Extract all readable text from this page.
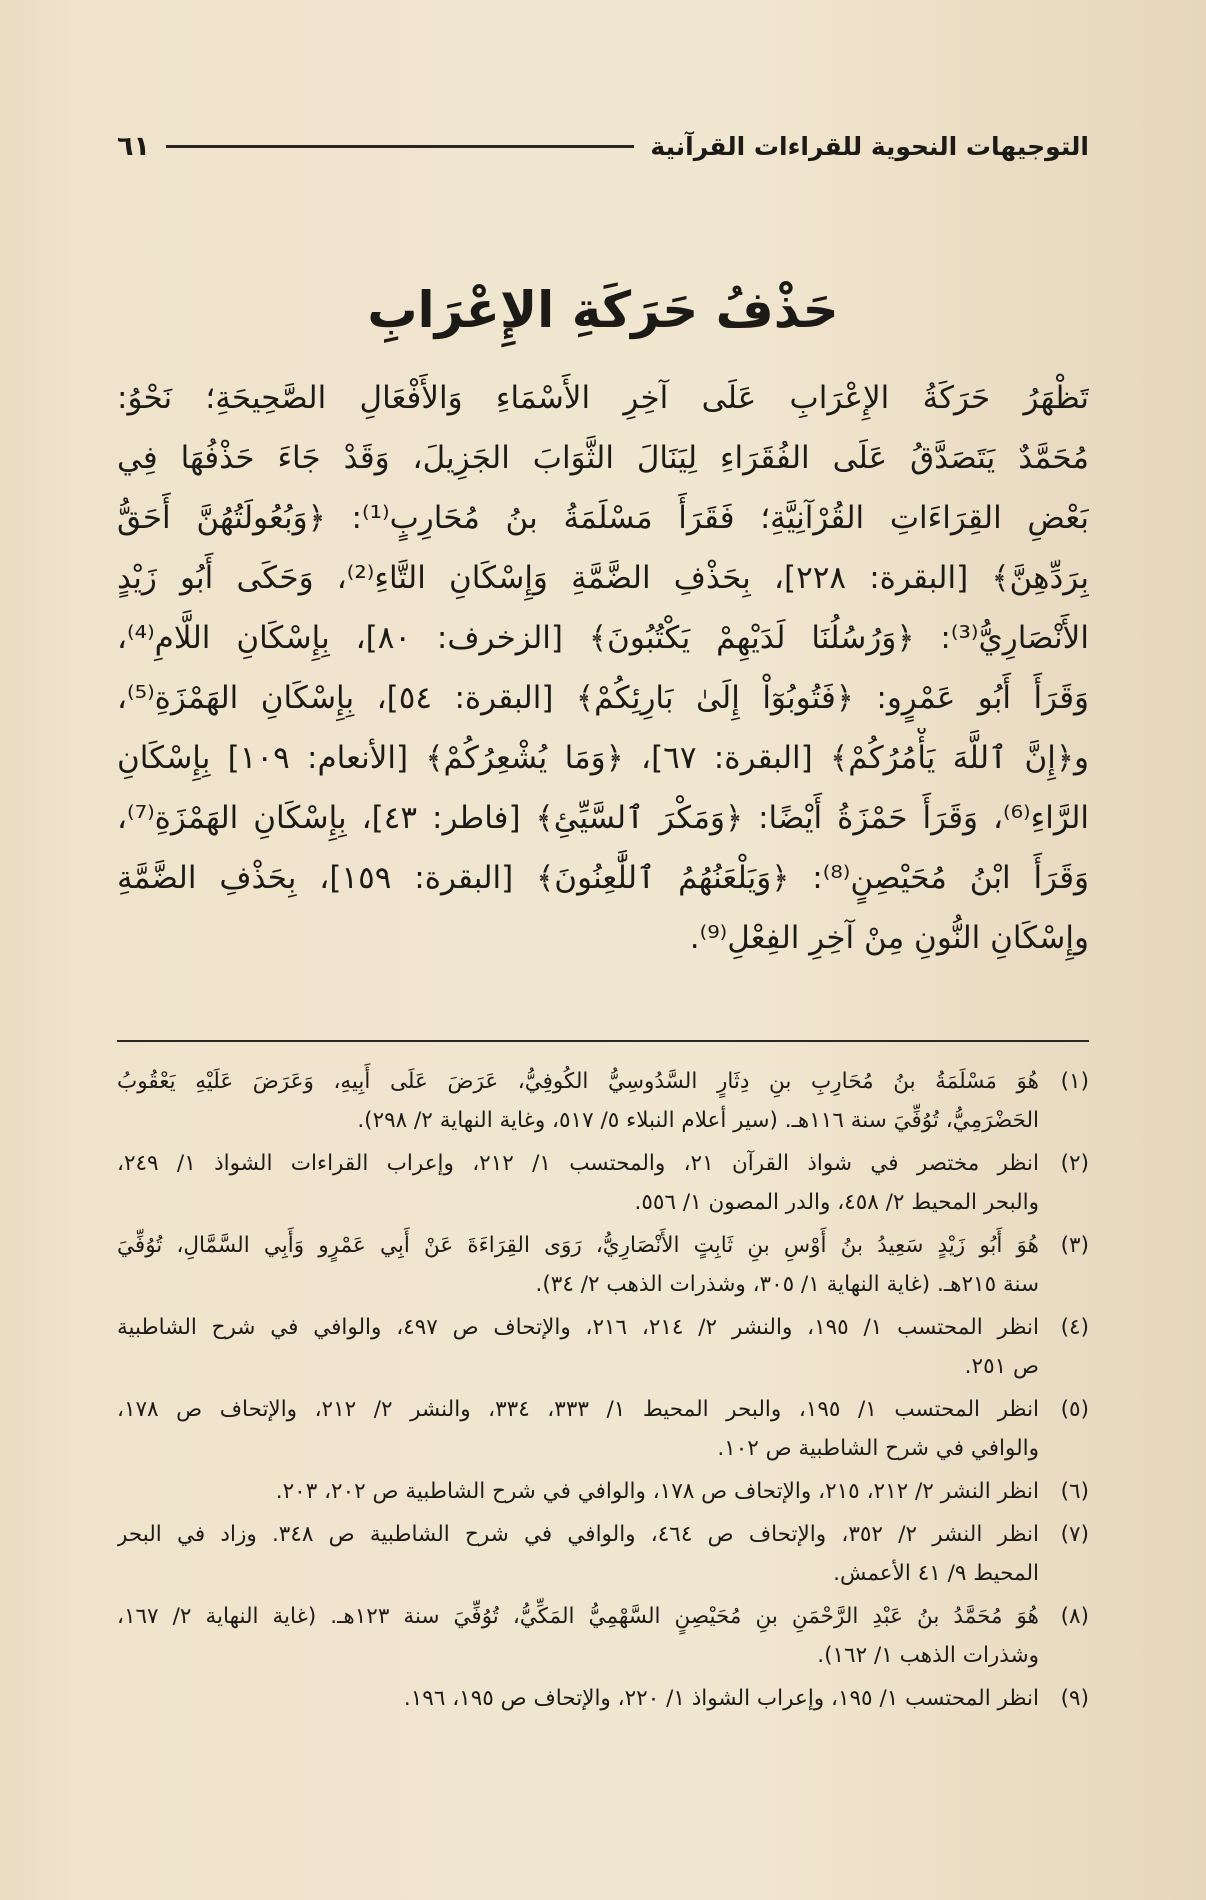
التوجيهات النحوية للقراءات القرآنية
٦١
حَذْفُ حَرَكَةِ الإِعْرَابِ
تَظْهَرُ حَرَكَةُ الإِعْرَابِ عَلَى آخِرِ الأَسْمَاءِ وَالأَفْعَالِ الصَّحِيحَةِ؛ نَحْوُ:
مُحَمَّدٌ يَتَصَدَّقُ عَلَى الفُقَرَاءِ لِيَنَالَ الثَّوَابَ الجَزِيلَ، وَقَدْ جَاءَ حَذْفُهَا فِي
بَعْضِ القِرَاءَاتِ القُرْآنِيَّةِ؛ فَقَرَأَ مَسْلَمَةُ بنُ مُحَارِبٍ⁽¹⁾: ﴿وَبُعُولَتُهُنَّ أَحَقُّ
بِرَدِّهِنَّ﴾ [البقرة: ٢٢٨]، بِحَذْفِ الضَّمَّةِ وَإِسْكَانِ التَّاءِ⁽²⁾، وَحَكَى أَبُو زَيْدٍ
الأَنْصَارِيُّ⁽³⁾: ﴿وَرُسُلُنَا لَدَيْهِمْ يَكْتُبُونَ﴾ [الزخرف: ٨٠]، بِإِسْكَانِ اللَّامِ⁽⁴⁾،
وَقَرَأَ أَبُو عَمْرٍو: ﴿فَتُوبُوٓاْ إِلَىٰ بَارِئِكُمْ﴾ [البقرة: ٥٤]، بِإِسْكَانِ الهَمْزَةِ⁽⁵⁾،
و﴿إِنَّ ٱللَّهَ يَأْمُرُكُمْ﴾ [البقرة: ٦٧]، ﴿وَمَا يُشْعِرُكُمْ﴾ [الأنعام: ١٠٩] بِإِسْكَانِ
الرَّاءِ⁽⁶⁾، وَقَرَأَ حَمْزَةُ أَيْضًا: ﴿وَمَكْرَ ٱلسَّيِّئِ﴾ [فاطر: ٤٣]، بِإِسْكَانِ الهَمْزَةِ⁽⁷⁾،
وَقَرَأَ ابْنُ مُحَيْصِنٍ⁽⁸⁾: ﴿وَيَلْعَنُهُمُ ٱللَّٰعِنُونَ﴾ [البقرة: ١٥٩]، بِحَذْفِ الضَّمَّةِ
وإِسْكَانِ النُّونِ مِنْ آخِرِ الفِعْلِ⁽⁹⁾.
(١)
هُوَ مَسْلَمَةُ بنُ مُحَارِبِ بنِ دِثَارٍ السَّدُوسِيُّ الكُوفِيُّ، عَرَضَ عَلَى أَبِيهِ، وَعَرَضَ عَلَيْهِ يَعْقُوبُ
الحَضْرَمِيُّ، تُوُفِّيَ سنة ١١٦هـ. (سير أعلام النبلاء ٥/ ٥١٧، وغاية النهاية ٢/ ٢٩٨).
(٢)
انظر مختصر في شواذ القرآن ٢١، والمحتسب ١/ ٢١٢، وإعراب القراءات الشواذ ١/ ٢٤٩،
والبحر المحيط ٢/ ٤٥٨، والدر المصون ١/ ٥٥٦.
(٣)
هُوَ أَبُو زَيْدٍ سَعِيدُ بنُ أَوْسِ بنِ ثَابِتٍ الأَنْصَارِيُّ، رَوَى القِرَاءَةَ عَنْ أَبِي عَمْرٍو وَأَبِي السَّمَّالِ، تُوُفِّيَ
سنة ٢١٥هـ. (غاية النهاية ١/ ٣٠٥، وشذرات الذهب ٢/ ٣٤).
(٤)
انظر المحتسب ١/ ١٩٥، والنشر ٢/ ٢١٤، ٢١٦، والإتحاف ص ٤٩٧، والوافي في شرح الشاطبية
ص ٢٥١.
(٥)
انظر المحتسب ١/ ١٩٥، والبحر المحيط ١/ ٣٣٣، ٣٣٤، والنشر ٢/ ٢١٢، والإتحاف ص ١٧٨،
والوافي في شرح الشاطبية ص ١٠٢.
(٦)
انظر النشر ٢/ ٢١٢، ٢١٥، والإتحاف ص ١٧٨، والوافي في شرح الشاطبية ص ٢٠٢، ٢٠٣.
(٧)
انظر النشر ٢/ ٣٥٢، والإتحاف ص ٤٦٤، والوافي في شرح الشاطبية ص ٣٤٨. وزاد في البحر
المحيط ٩/ ٤١ الأعمش.
(٨)
هُوَ مُحَمَّدُ بنُ عَبْدِ الرَّحْمَنِ بنِ مُحَيْصِنٍ السَّهْمِيُّ المَكِّيُّ، تُوُفِّيَ سنة ١٢٣هـ. (غاية النهاية ٢/ ١٦٧،
وشذرات الذهب ١/ ١٦٢).
(٩)
انظر المحتسب ١/ ١٩٥، وإعراب الشواذ ١/ ٢٢٠، والإتحاف ص ١٩٥، ١٩٦.
